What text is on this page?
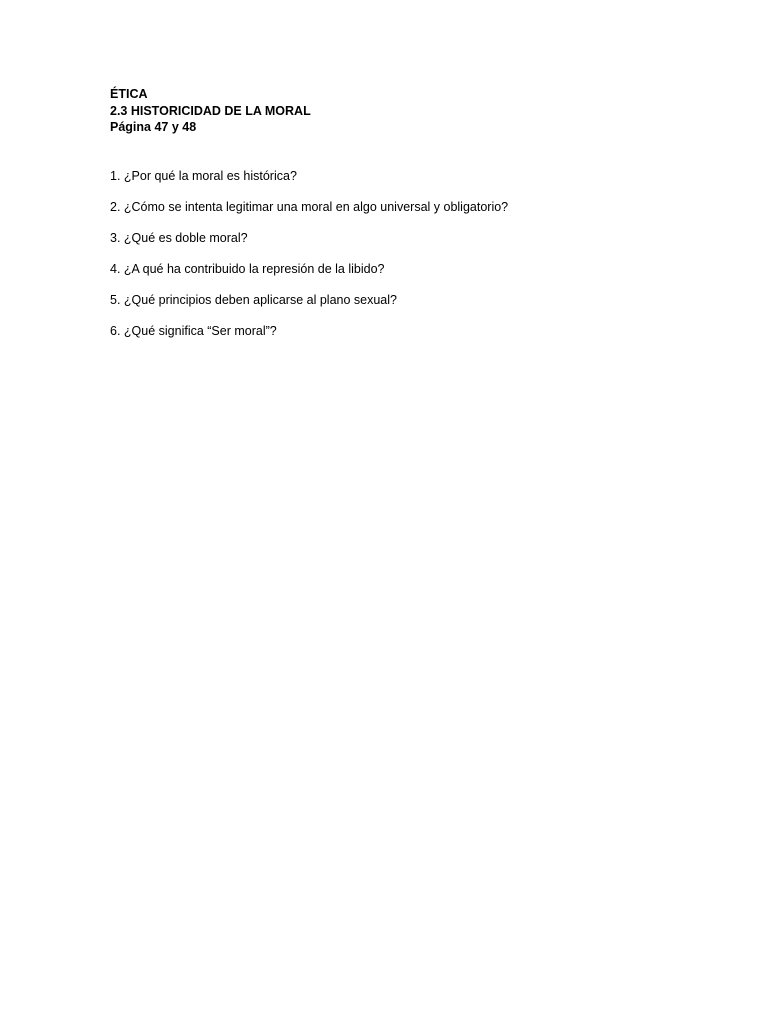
ÉTICA
2.3 HISTORICIDAD DE LA MORAL
Página 47 y 48
1. ¿Por qué la moral es histórica?
2. ¿Cómo se intenta legitimar una moral en algo universal y obligatorio?
3. ¿Qué es doble moral?
4. ¿A qué ha contribuido la represión de la libido?
5. ¿Qué principios deben aplicarse al plano sexual?
6. ¿Qué significa “Ser moral”?
